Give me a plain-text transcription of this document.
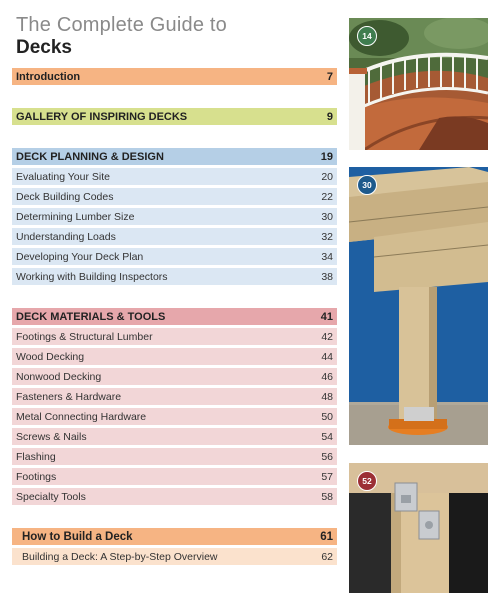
The Complete Guide to
Decks
Introduction	7
GALLERY OF INSPIRING DECKS	9
DECK PLANNING & DESIGN	19
Evaluating Your Site	20
Deck Building Codes	22
Determining Lumber Size	30
Understanding Loads	32
Developing Your Deck Plan	34
Working with Building Inspectors	38
DECK MATERIALS & TOOLS	41
Footings & Structural Lumber	42
Wood Decking	44
Nonwood Decking	46
Fasteners & Hardware	48
Metal Connecting Hardware	50
Screws & Nails	54
Flashing	56
Footings	57
Specialty Tools	58
How to Build a Deck	61
Building a Deck: A Step-by-Step Overview	62
14
30
52
